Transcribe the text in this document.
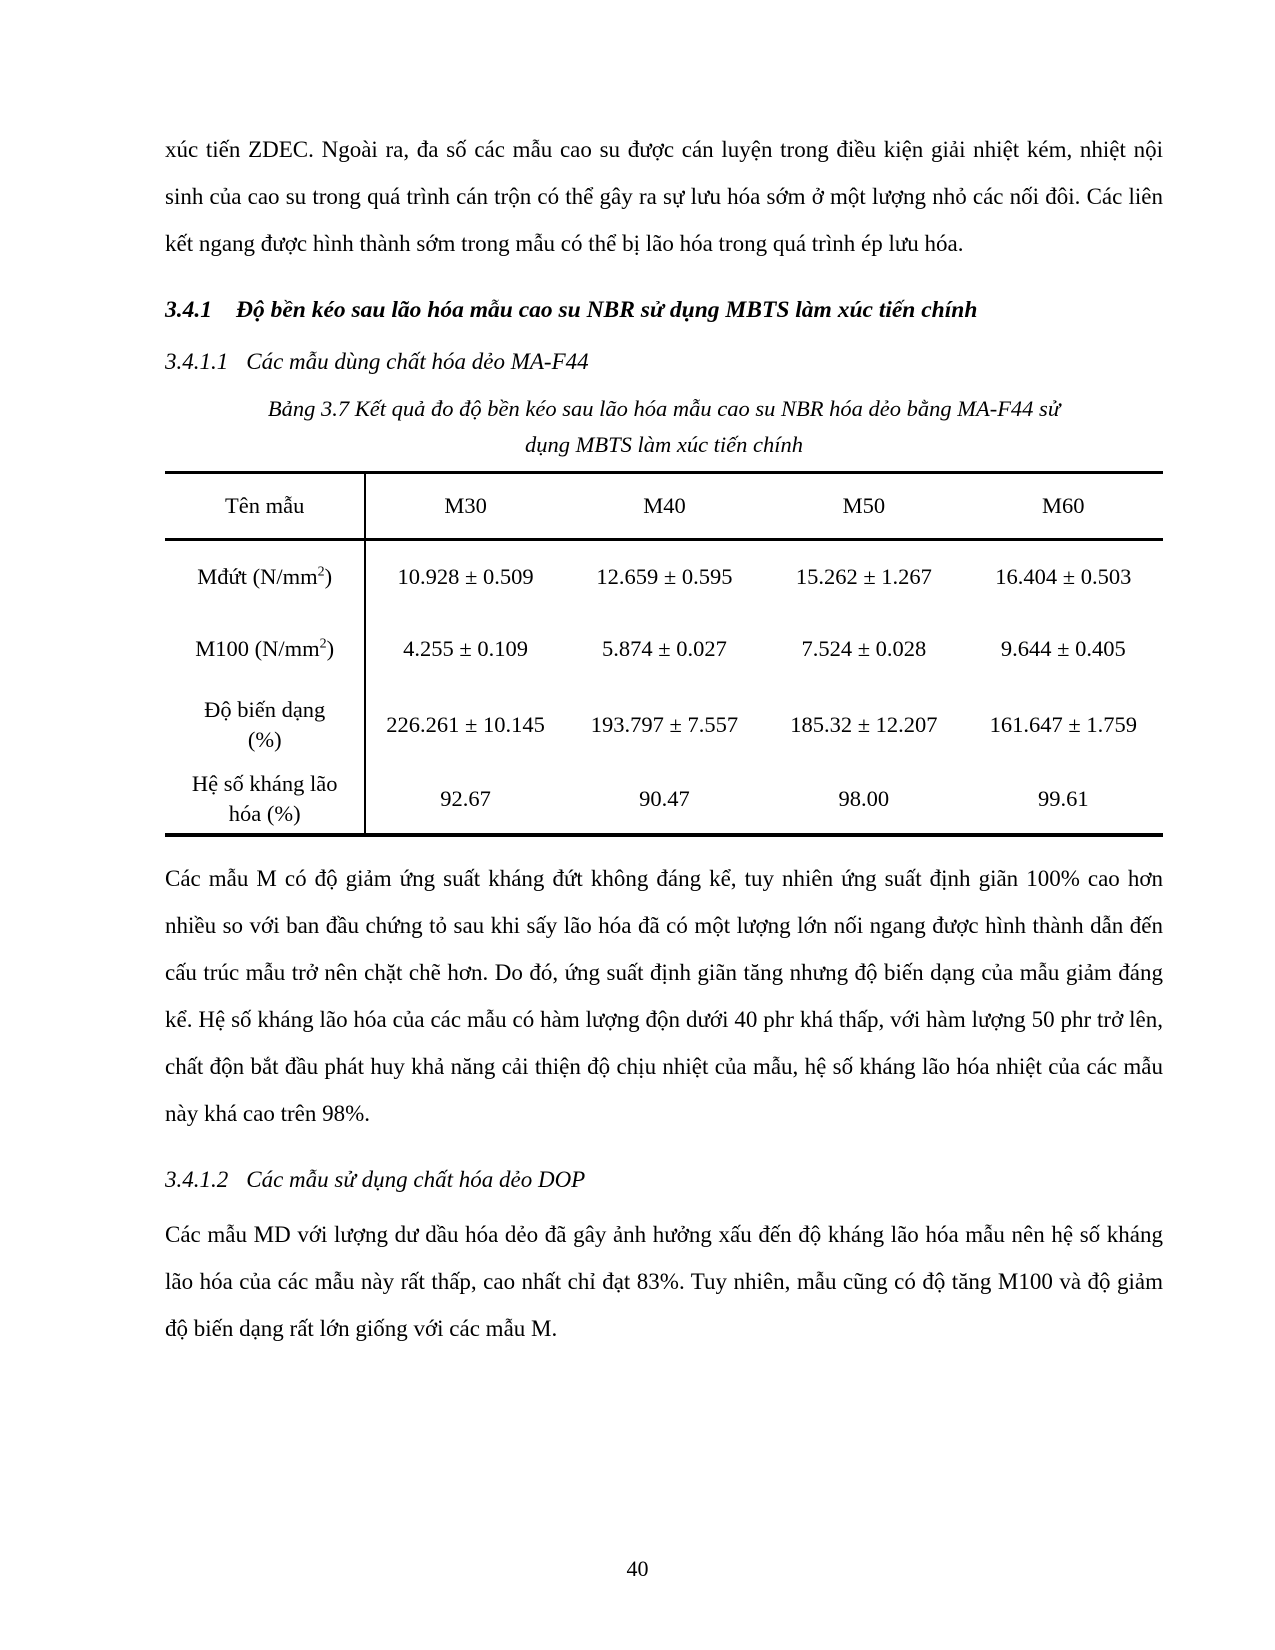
xúc tiến ZDEC. Ngoài ra, đa số các mẫu cao su được cán luyện trong điều kiện giải nhiệt kém, nhiệt nội sinh của cao su trong quá trình cán trộn có thể gây ra sự lưu hóa sớm ở một lượng nhỏ các nối đôi. Các liên kết ngang được hình thành sớm trong mẫu có thể bị lão hóa trong quá trình ép lưu hóa.

3.4.1 Độ bền kéo sau lão hóa mẫu cao su NBR sử dụng MBTS làm xúc tiến chính
3.4.1.1 Các mẫu dùng chất hóa dẻo MA-F44
Bảng 3.7 Kết quả đo độ bền kéo sau lão hóa mẫu cao su NBR hóa dẻo bằng MA-F44 sử
dụng MBTS làm xúc tiến chính
Tên mẫu	M30	M40	M50	M60
Mđứt $(N/mm^2)$	10.928 ± 0.509	12.659 ± 0.595	15.262 ± 1.267	16.404 ± 0.503
M100 $(N/mm^2)$	4.255 ± 0.109	5.874 ± 0.027	7.524 ± 0.028	9.644 ± 0.405

Độ biến dạng
(%)	226.261 ± 10.145	193.797 ± 7.557	185.32 ± 12.207	161.647 ± 1.759

Hệ số kháng lão
hóa (%)	92.67	90.47	98.00	99.61

Các mẫu M có độ giảm ứng suất kháng đứt không đáng kể, tuy nhiên ứng suất định giãn 100% cao hơn nhiều so với ban đầu chứng tỏ sau khi sấy lão hóa đã có một lượng lớn nối ngang được hình thành dẫn đến cấu trúc mẫu trở nên chặt chẽ hơn. Do đó, ứng suất định giãn tăng nhưng độ biến dạng của mẫu giảm đáng kể. Hệ số kháng lão hóa của các mẫu có hàm lượng độn dưới 40 phr khá thấp, với hàm lượng 50 phr trở lên, chất độn bắt đầu phát huy khả năng cải thiện độ chịu nhiệt của mẫu, hệ số kháng lão hóa nhiệt của các mẫu này khá cao trên 98%.

3.4.1.2 Các mẫu sử dụng chất hóa dẻo DOP

Các mẫu MD với lượng dư dầu hóa dẻo đã gây ảnh hưởng xấu đến độ kháng lão hóa mẫu nên hệ số kháng lão hóa của các mẫu này rất thấp, cao nhất chỉ đạt 83%. Tuy nhiên, mẫu cũng có độ tăng M100 và độ giảm độ biến dạng rất lớn giống với các mẫu M.

40
